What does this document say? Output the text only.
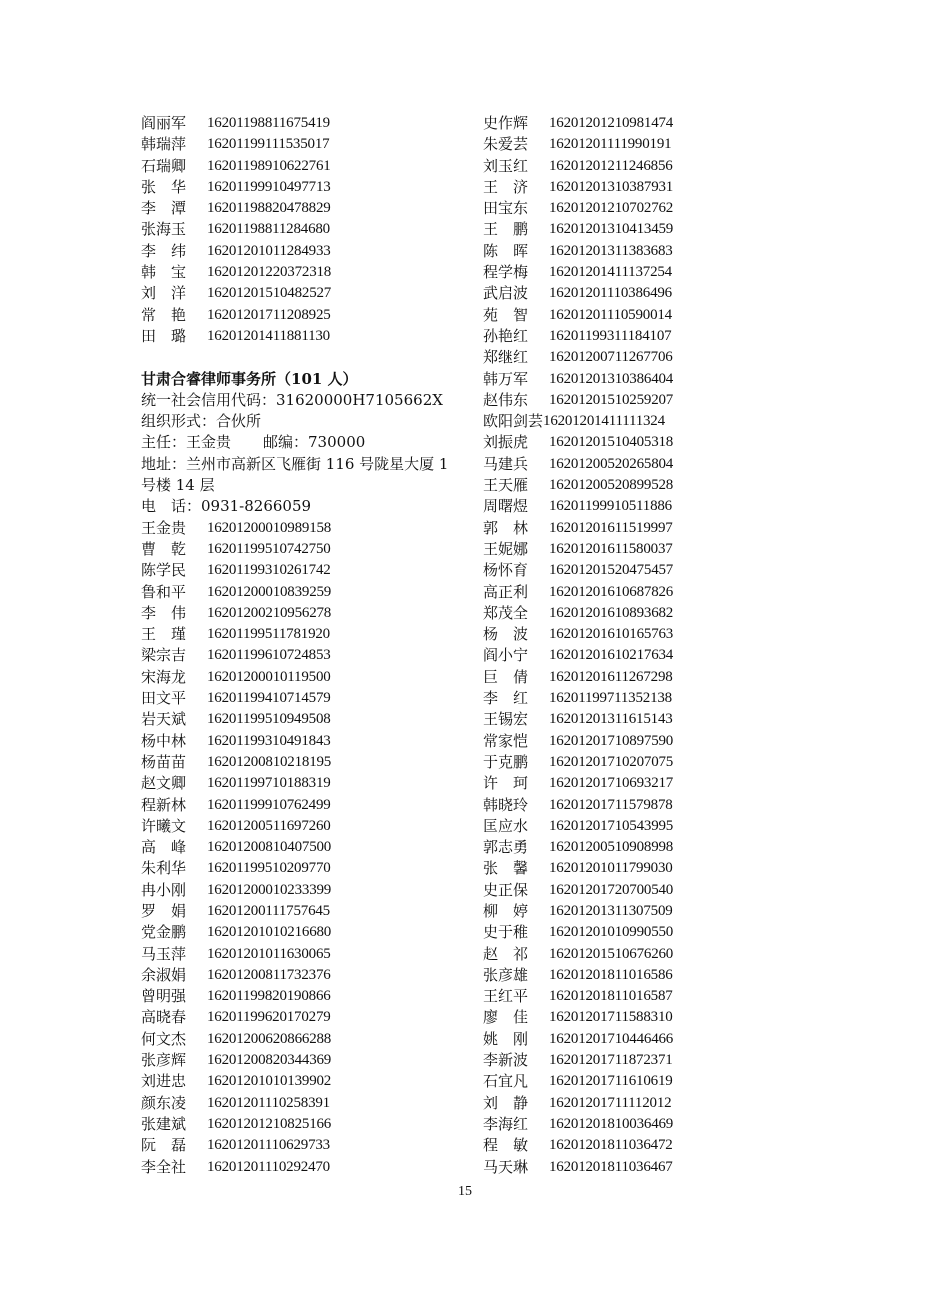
阎丽军	16201198811675419
韩瑞萍	16201199111535017
石瑞卿	16201198910622761
张　华	16201199910497713
李　潭	16201198820478829
张海玉	16201198811284680
李　纬	16201201011284933
韩　宝	16201201220372318
刘　洋	16201201510482527
常　艳	16201201711208925
田　璐	16201201411881130
甘肃合睿律师事务所（101 人）
统一社会信用代码：31620000H7105662X
组织形式：合伙所
主任：王金贵 邮编：730000
地址：兰州市高新区飞雁街 116 号陇星大厦 1 号楼 14 层
电　话：0931-8266059
王金贵	16201200010989158
曹　乾	16201199510742750
陈学民	16201199310261742
鲁和平	16201200010839259
李　伟	16201200210956278
王　瑾	16201199511781920
梁宗吉	16201199610724853
宋海龙	16201200010119500
田文平	16201199410714579
岩天斌	16201199510949508
杨中林	16201199310491843
杨苗苗	16201200810218195
赵文卿	16201199710188319
程新林	16201199910762499
许曦文	16201200511697260
高　峰	16201200810407500
朱利华	16201199510209770
冉小刚	16201200010233399
罗　娟	16201200111757645
党金鹏	16201201010216680
马玉萍	16201201011630065
余淑娟	16201200811732376
曾明强	16201199820190866
高晓春	16201199620170279
何文杰	16201200620866288
张彦辉	16201200820344369
刘进忠	16201201010139902
颜东凌	16201201110258391
张建斌	16201201210825166
阮　磊	16201201110629733
李全社	16201201110292470
史作辉	16201201210981474
朱爱芸	16201201111990191
刘玉红	16201201211246856
王　济	16201201310387931
田宝东	16201201210702762
王　鹏	16201201310413459
陈　晖	16201201311383683
程学梅	16201201411137254
武启波	16201201110386496
苑　智	16201201110590014
孙艳红	16201199311184107
郑继红	16201200711267706
韩万军	16201201310386404
赵伟东	16201201510259207
欧阳剑芸 16201201411111324
刘振虎	16201201510405318
马建兵	16201200520265804
王天雁	16201200520899528
周曙煜	16201199910511886
郭　林	16201201611519997
王妮娜	16201201611580037
杨怀育	16201201520475457
高正利	16201201610687826
郑茂全	16201201610893682
杨　波	16201201610165763
阎小宁	16201201610217634
巨　倩	16201201611267298
李　红	16201199711352138
王锡宏	16201201311615143
常家恺	16201201710897590
于克鹏	16201201710207075
许　珂	16201201710693217
韩晓玲	16201201711579878
匡应水	16201201710543995
郭志勇	16201200510908998
张　馨	16201201011799030
史正保	16201201720700540
柳　婷	16201201311307509
史于稚	16201201010990550
赵　祁	16201201510676260
张彦雄	16201201811016586
王红平	16201201811016587
廖　佳	16201201711588310
姚　刚	16201201710446466
李新波	16201201711872371
石宜凡	16201201711610619
刘　静	16201201711112012
李海红	16201201810036469
程　敏	16201201811036472
马天琳	16201201811036467
15
